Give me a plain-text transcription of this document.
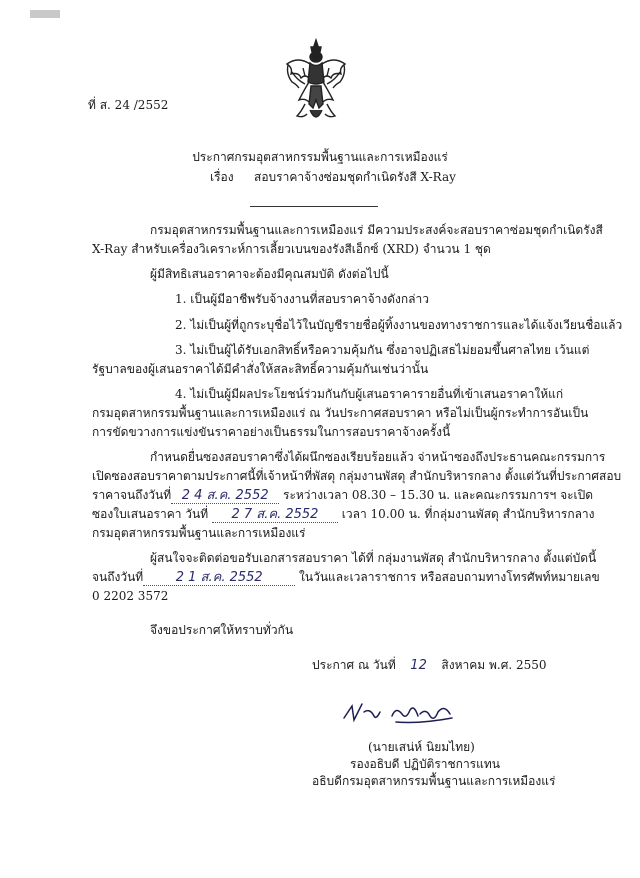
ที่ ส. 24 /2552
ประกาศกรมอุตสาหกรรมพื้นฐานและการเหมืองแร่
เรื่อง สอบราคาจ้างซ่อมชุดกำเนิดรังสี X-Ray
กรมอุตสาหกรรมพื้นฐานและการเหมืองแร่ มีความประสงค์จะสอบราคาซ่อมชุดกำเนิดรังสี
X-Ray สำหรับเครื่องวิเคราะห์การเลี้ยวเบนของรังสีเอ็กซ์ (XRD) จำนวน 1 ชุด
ผู้มีสิทธิเสนอราคาจะต้องมีคุณสมบัติ ดังต่อไปนี้
1. เป็นผู้มีอาชีพรับจ้างงานที่สอบราคาจ้างดังกล่าว
2. ไม่เป็นผู้ที่ถูกระบุชื่อไว้ในบัญชีรายชื่อผู้ทิ้งงานของทางราชการและได้แจ้งเวียนชื่อแล้ว
3. ไม่เป็นผู้ได้รับเอกสิทธิ์หรือความคุ้มกัน ซึ่งอาจปฏิเสธไม่ยอมขึ้นศาลไทย เว้นแต่
รัฐบาลของผู้เสนอราคาได้มีคำสั่งให้สละสิทธิ์ความคุ้มกันเช่นว่านั้น
4. ไม่เป็นผู้มีผลประโยชน์ร่วมกันกับผู้เสนอราคารายอื่นที่เข้าเสนอราคาให้แก่
กรมอุตสาหกรรมพื้นฐานและการเหมืองแร่ ณ วันประกาศสอบราคา หรือไม่เป็นผู้กระทำการอันเป็น
การขัดขวางการแข่งขันราคาอย่างเป็นธรรมในการสอบราคาจ้างครั้งนี้
กำหนดยื่นซองสอบราคาซึ่งได้ผนึกซองเรียบร้อยแล้ว จ่าหน้าซองถึงประธานคณะกรรมการ
เปิดซองสอบราคาตามประกาศนี้ที่เจ้าหน้าที่พัสดุ กลุ่มงานพัสดุ สำนักบริหารกลาง ตั้งแต่วันที่ประกาศสอบ
ราคาจนถึงวันที่ 2 4 ส.ค. 2552 ระหว่างเวลา 08.30 – 15.30 น. และคณะกรรมการฯ จะเปิด
ซองใบเสนอราคา วันที่ 2 7 ส.ค. 2552 เวลา 10.00 น. ที่กลุ่มงานพัสดุ สำนักบริหารกลาง
กรมอุตสาหกรรมพื้นฐานและการเหมืองแร่
ผู้สนใจจะติดต่อขอรับเอกสารสอบราคา ได้ที่ กลุ่มงานพัสดุ สำนักบริหารกลาง ตั้งแต่บัดนี้
จนถึงวันที่	2 1 ส.ค. 2552	ในวันและเวลาราชการ หรือสอบถามทางโทรศัพท์หมายเลข
0 2202 3572
จึงขอประกาศให้ทราบทั่วกัน
ประกาศ ณ วันที่ 12 สิงหาคม พ.ศ. 2550
(นายเสน่ห์ นิยมไทย)
รองอธิบดี ปฏิบัติราชการแทน
อธิบดีกรมอุตสาหกรรมพื้นฐานและการเหมืองแร่
